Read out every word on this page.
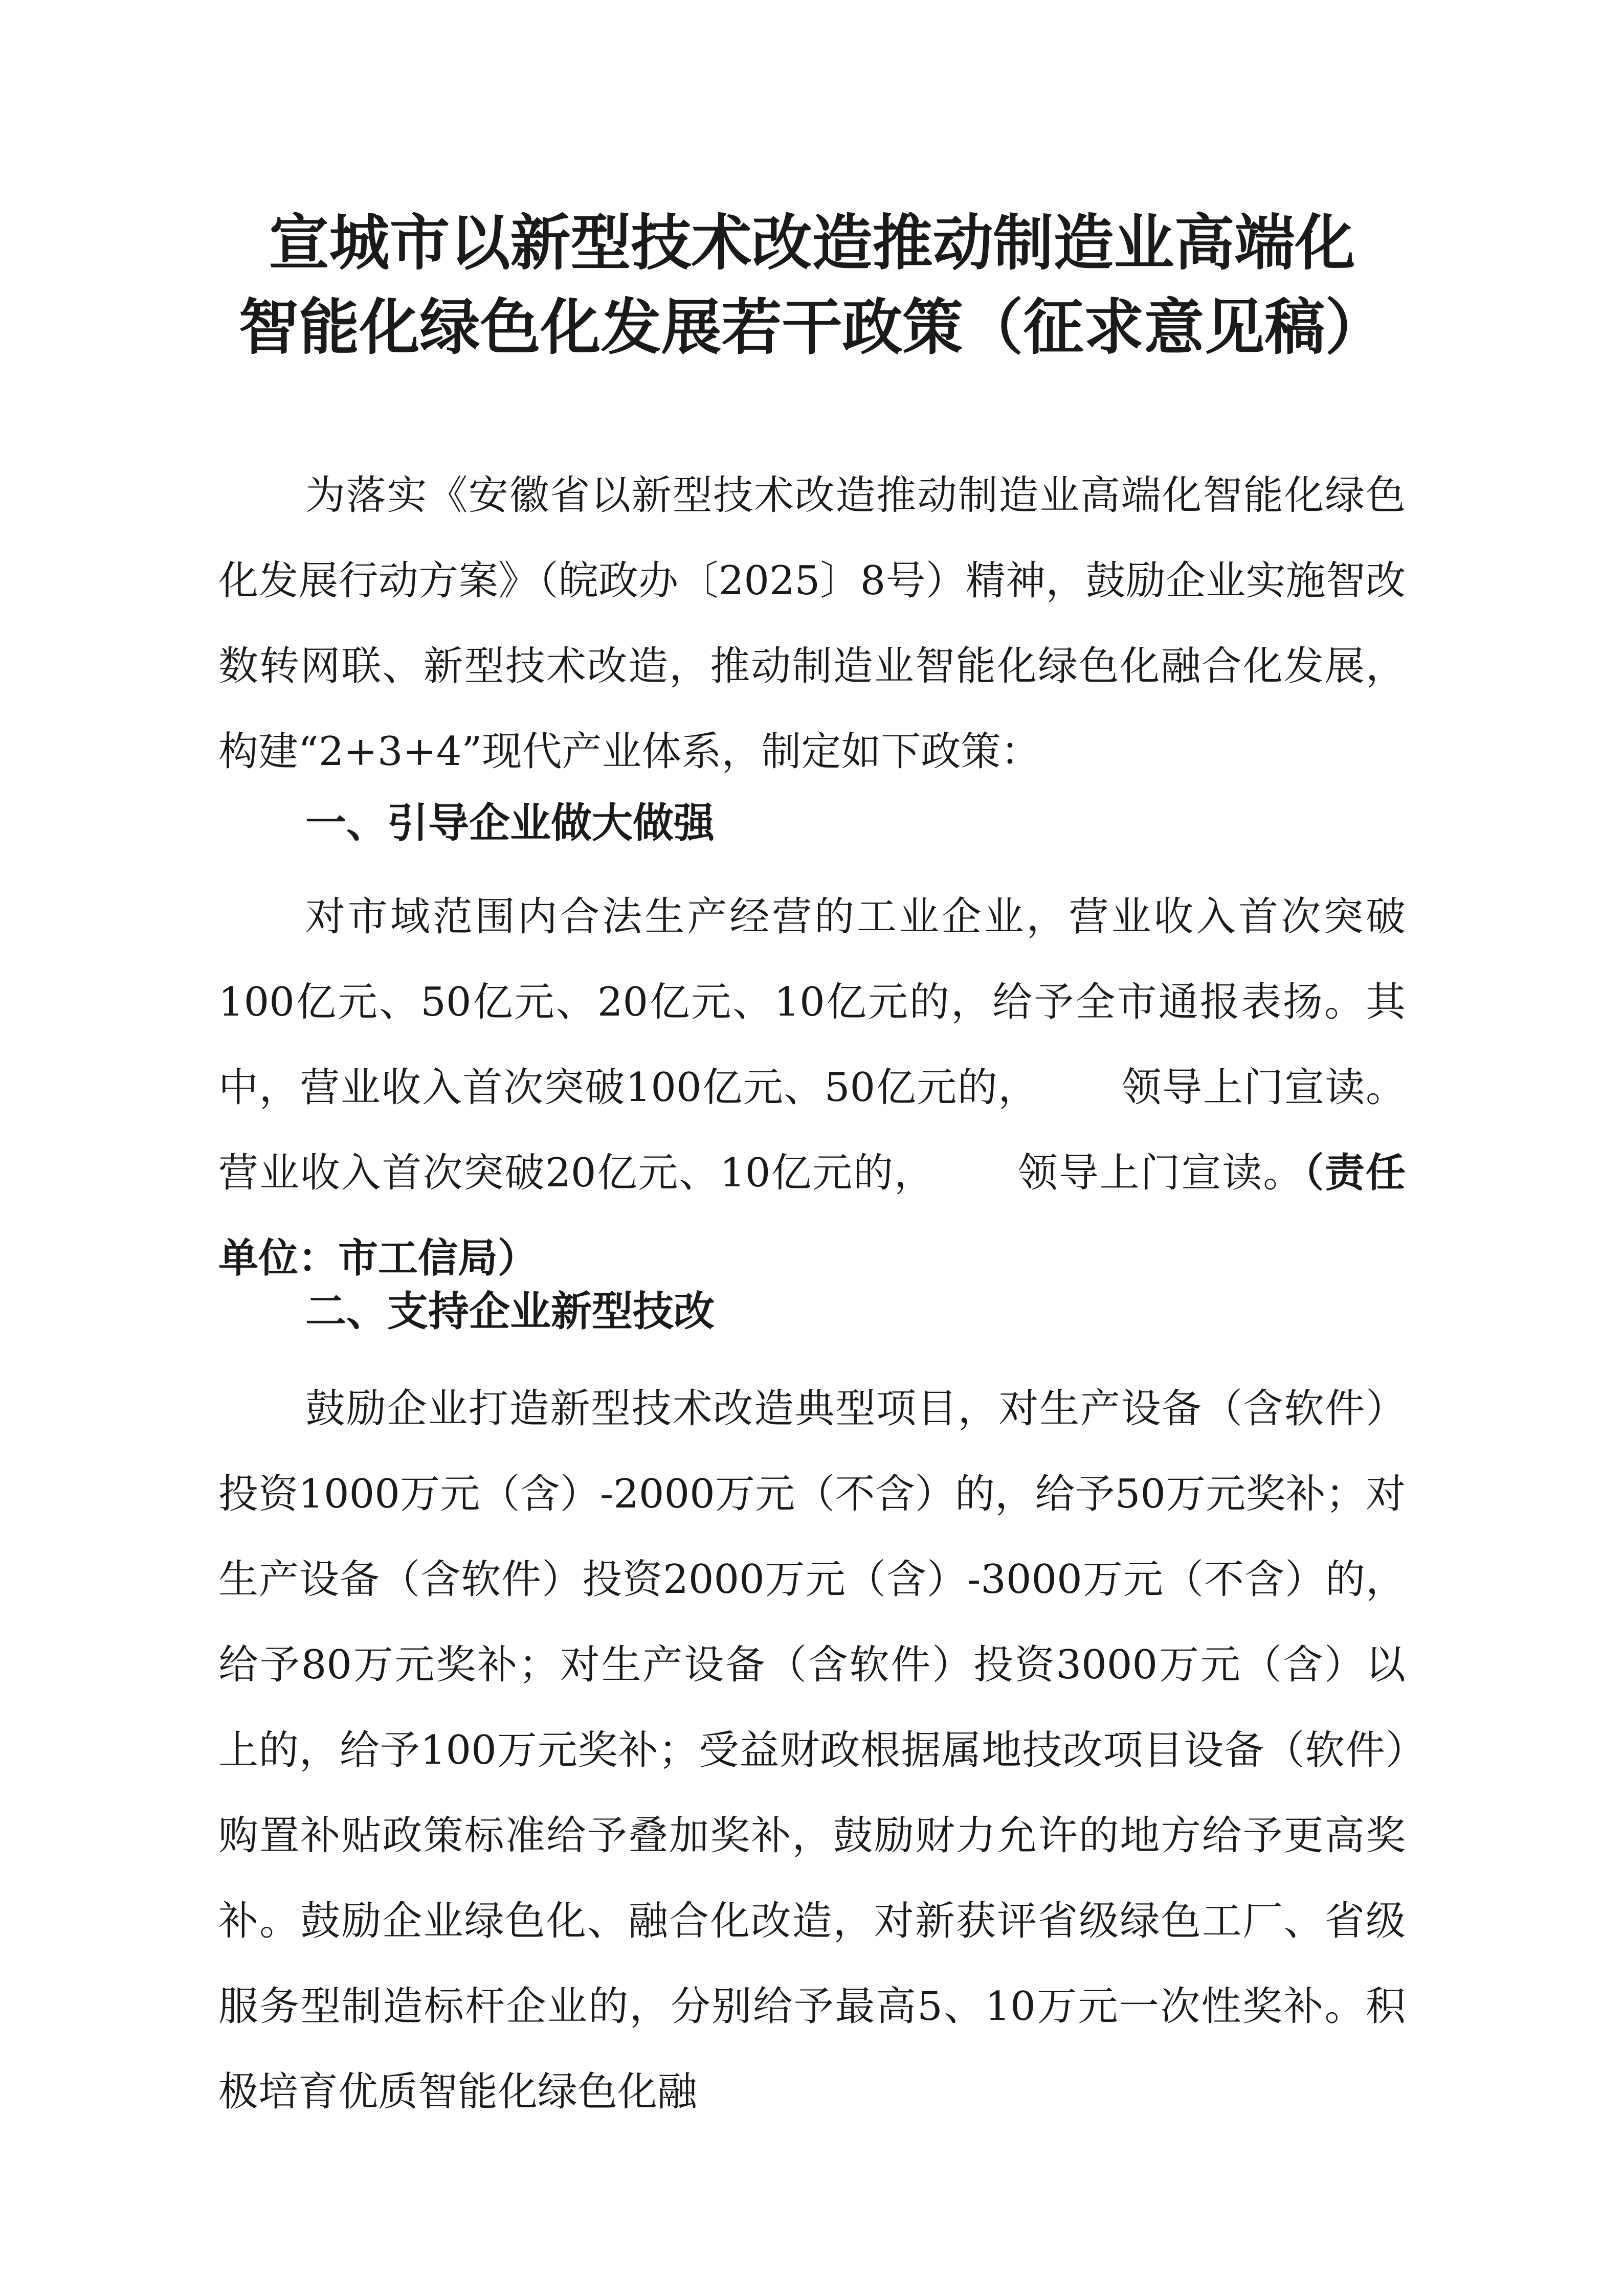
宣城市以新型技术改造推动制造业高端化
智能化绿色化发展若干政策（征求意见稿）

为落实《安徽省以新型技术改造推动制造业高端化智能化绿色化发展行动方案》（皖政办〔2025〕8号）精神，鼓励企业实施智改数转网联、新型技术改造，推动制造业智能化绿色化融合化发展，构建“2+3+4”现代产业体系，制定如下政策：

一、引导企业做大做强

对市域范围内合法生产经营的工业企业，营业收入首次突破100亿元、50亿元、20亿元、10亿元的，给予全市通报表扬。其中，营业收入首次突破100亿元、50亿元的， 领导上门宣读。营业收入首次突破20亿元、10亿元的， 领导上门宣读。（责任单位：市工信局）

二、支持企业新型技改

鼓励企业打造新型技术改造典型项目，对生产设备（含软件）投资1000万元（含）-2000万元（不含）的，给予50万元奖补；对生产设备（含软件）投资2000万元（含）-3000万元（不含）的，给予80万元奖补；对生产设备（含软件）投资3000万元（含）以上的，给予100万元奖补；受益财政根据属地技改项目设备（软件）购置补贴政策标准给予叠加奖补，鼓励财力允许的地方给予更高奖补。鼓励企业绿色化、融合化改造，对新获评省级绿色工厂、省级服务型制造标杆企业的，分别给予最高5、10万元一次性奖补。积极培育优质智能化绿色化融
